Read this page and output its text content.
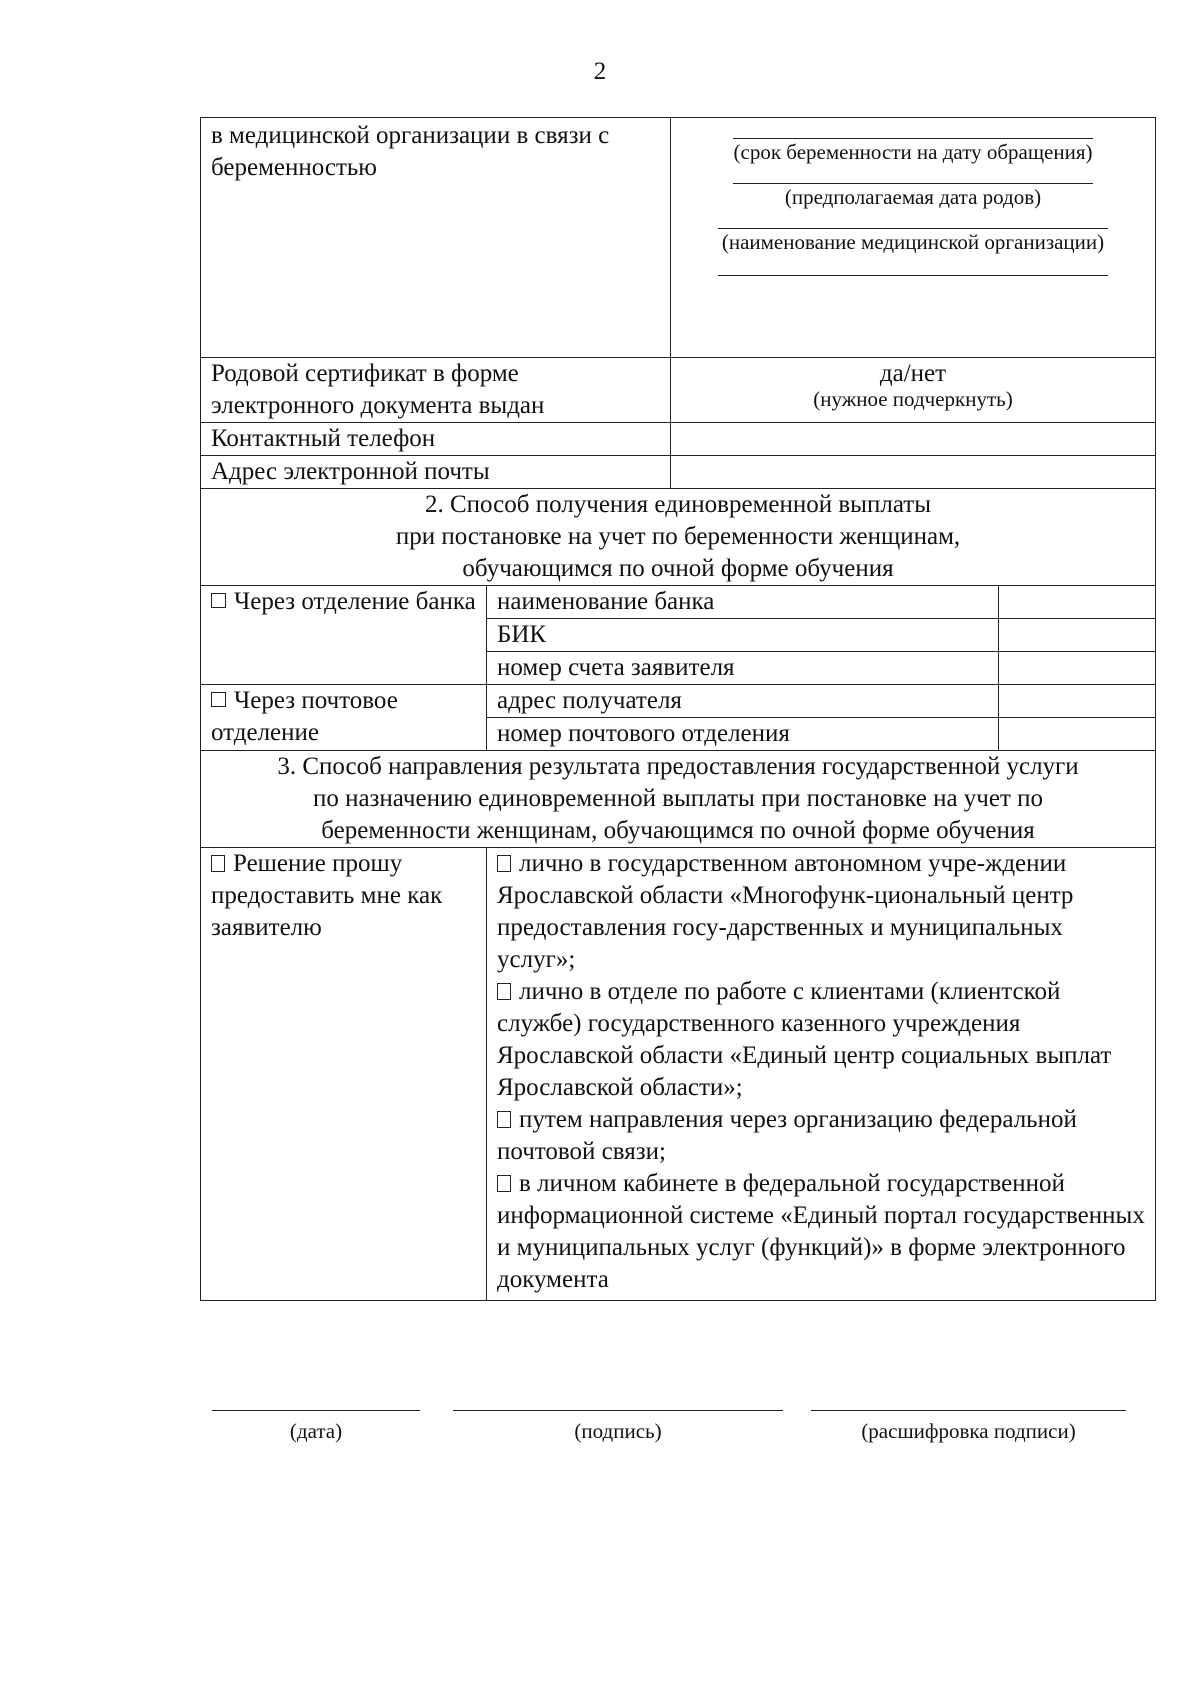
2
в медицинской организации в связи с беременностью		(срок беременности на дату обращения)
(предполагаемая дата родов)
(наименование медицинской организации)	

Родовой сертификат в форме электронного документа выдан		да/нет
(нужное подчеркнуть)	

Контактный телефон			
Адрес электронной почты			

2. Способ получения единовременной выплаты
при постановке на учет по беременности женщинам,
обучающимся по очной форме обучения			

Через отделение банка	наименование банка		
	БИК		
	номер счета заявителя		
Через почтовое отделение	адрес получателя		
	номер почтового отделения		

3. Способ направления результата предоставления государственной услуги
по назначению единовременной выплаты при постановке на учет по
беременности женщинам, обучающимся по очной форме обучения			

Решение прошу предоставить мне как заявителю	лично в государственном автономном учре-ждении Ярославской области «Многофунк-циональный центр предоставления госу-дарственных и муниципальных услуг»;
лично в отделе по работе с клиентами (клиентской службе) государственного казенного учреждения Ярославской области «Единый центр социальных выплат Ярославской области»;
путем направления через организацию федеральной почтовой связи;
в личном кабинете в федеральной государственной информационной системе «Единый портал государственных и муниципальных услуг (функций)» в форме электронного документа		
(дата)	(подпись)	(расшифровка подписи)
